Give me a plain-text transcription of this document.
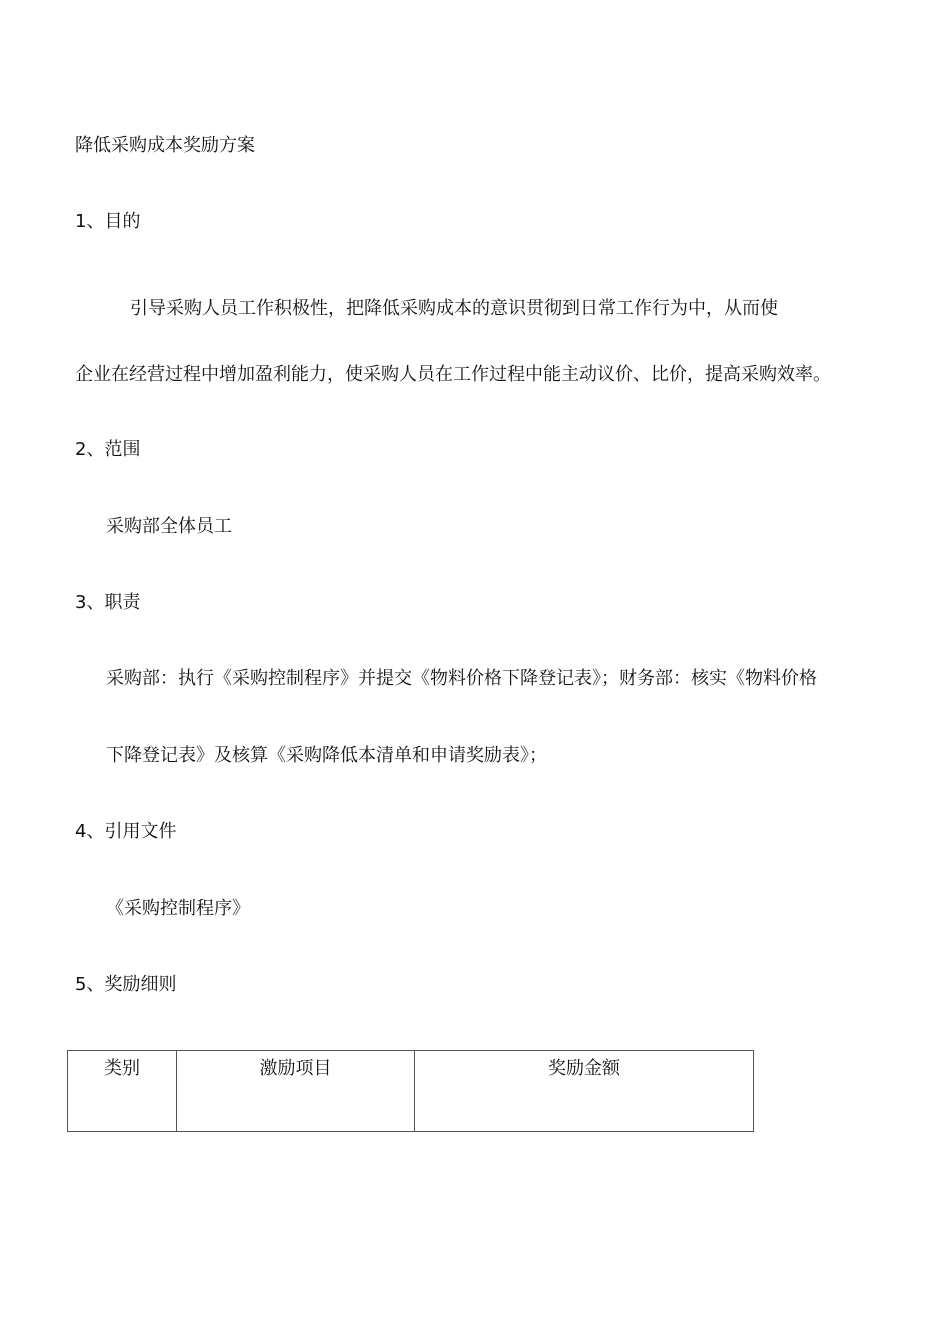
降低采购成本奖励方案
1、目的
引导采购人员工作积极性，把降低采购成本的意识贯彻到日常工作行为中，从而使
企业在经营过程中增加盈利能力，使采购人员在工作过程中能主动议价、比价，提高采购效率。
2、范围
采购部全体员工
3、职责
采购部：执行《采购控制程序》并提交《物料价格下降登记表》；财务部：核实《物料价格
下降登记表》及核算《采购降低本清单和申请奖励表》；
4、引用文件
《采购控制程序》
5、奖励细则
类别	激励项目	奖励金额
